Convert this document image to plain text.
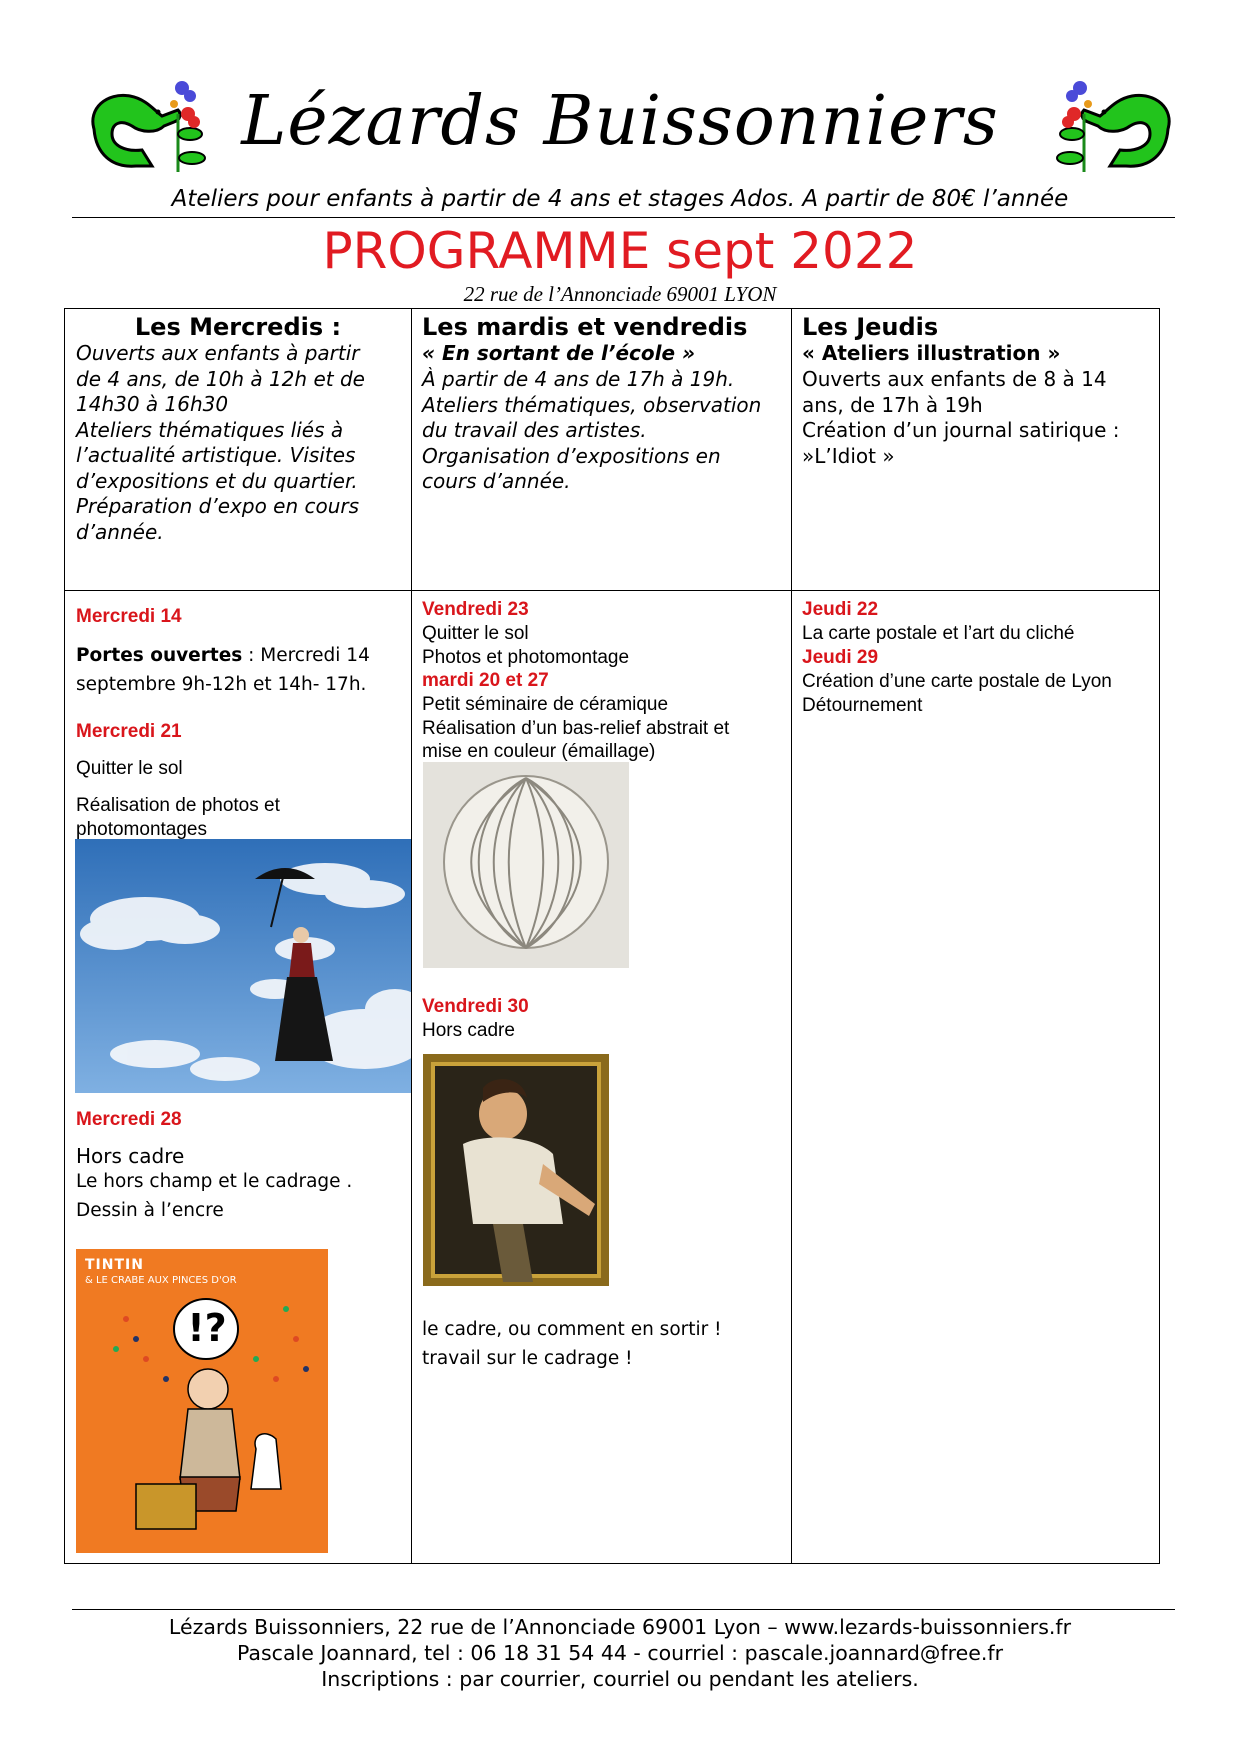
Lézards Buissonniers
Ateliers pour enfants à partir de 4 ans et stages Ados. A partir de 80€ l’année
PROGRAMME sept 2022
22 rue de l’Annonciade 69001 LYON
Les Mercredis :
Ouverts aux enfants à partir
de 4 ans, de 10h à 12h et de
14h30 à 16h30
Ateliers thématiques liés à
l’actualité artistique. Visites
d’expositions et du quartier.
Préparation d’expo en cours
d’année.
Les mardis et vendredis
« En sortant de l’école »
À partir de 4 ans de 17h à 19h.
Ateliers thématiques, observation
du travail des artistes.
Organisation d’expositions en
cours d’année.
Les Jeudis
« Ateliers illustration »
Ouverts aux enfants de 8 à 14
ans, de 17h à 19h
Création d’un journal satirique :
»L’Idiot »
Mercredi 14
Portes ouvertes : Mercredi 14
septembre 9h-12h et 14h- 17h.
Mercredi 21
Quitter le sol
Réalisation de photos et
photomontages
Mercredi 28
Hors cadre
Le hors champ et le cadrage .
Dessin à l’encre
TINTIN
& LE CRABE AUX PINCES D'OR
!?
Vendredi 23
Quitter le sol
Photos et photomontage
mardi 20 et 27
Petit séminaire de céramique
Réalisation d’un bas-relief abstrait et
mise en couleur (émaillage)
Vendredi 30
Hors cadre
le cadre, ou comment en sortir !
travail sur le cadrage !
Jeudi 22
La carte postale et l’art du cliché
Jeudi 29
Création d’une carte postale de Lyon
Détournement
Lézards Buissonniers, 22 rue de l’Annonciade 69001 Lyon – www.lezards-buissonniers.fr
Pascale Joannard, tel : 06 18 31 54 44 - courriel : pascale.joannard@free.fr
Inscriptions : par courrier, courriel ou pendant les ateliers.
